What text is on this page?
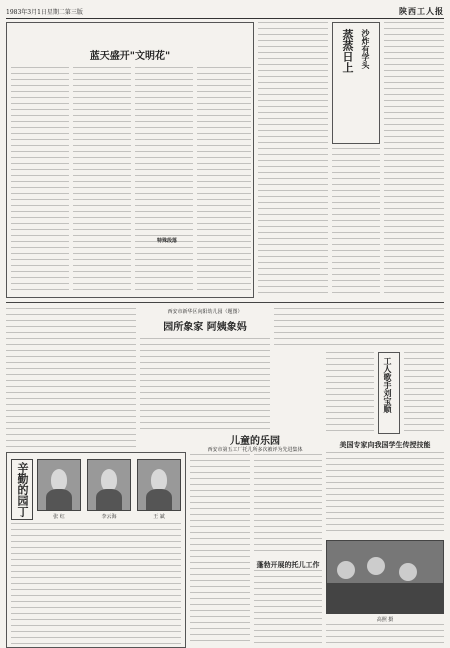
1983年3月1日 星期二 第三版	陕西工人报
蓝天盛开"文明花"
特殊段落
蒸蒸日上 沙炸有学头
西安市新华区向阳幼儿园（题图）
园所象家 阿姨象妈
辛勤的园丁	张 红	李云海	王 斌
儿童的乐园
西安市第五工厂托儿所多次被评为先进集体
蓬勃开展的托儿工作
工人歌手刘宝顺
美国专家向我国学生传授技能
高照 摄
